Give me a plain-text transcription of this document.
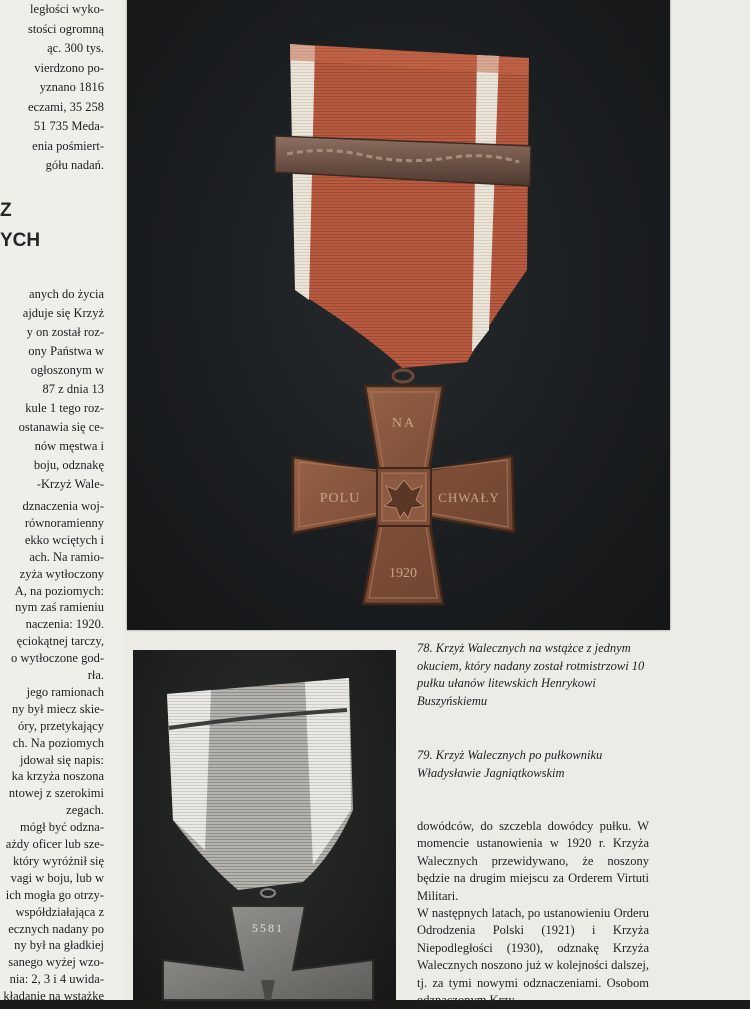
ległości wyko-
stości ogromną
ąc. 300 tys.
vierdzono po-
yznano 1816
eczami, 35 258
51 735 Meda-
enia pośmiert-
gółu nadań.
Z
YCH
anych do życia
ajduje się Krzyż
y on został roz-
ony Państwa w
ogłoszonym w
87 z dnia 13
kule 1 tego roz-
ostanawia się ce-
nów męstwa i
boju, odznakę
-Krzyż Wale-
dznaczenia woj-
równoramienny
ekko wciętych i
ach. Na ramio-
zyża wytłoczony
A, na poziomych:
nym zaś ramieniu
naczenia: 1920.
ęciokątnej tarczy,
o wytłoczone god-
rła.
jego ramionach
ny był miecz skie-
óry, przetykający
ch. Na poziomych
jdował się napis:
ka krzyża noszona
ntowej z szerokimi
zegach.
mógł być odzna-
ażdy oficer lub sze-
który wyróżnił się
vagi w boju, lub w
ich mogła go otrzy-
współdziałająca z
ecznych nadany po
ny był na gładkiej
sanego wyżej wzo-
nia: 2, 3 i 4 uwida-
kładanie na wstążkę
NA
POLU	CHWAŁY
1920
78. Krzyż Walecznych na wstążce z jednym okuciem, który nadany został rotmistrzowi 10 pułku ułanów litewskich Henrykowi Buszyńskiemu
5581
79. Krzyż Walecznych po pułkowniku Władysławie Jagniątkowskim

dowódców, do szczebla dowódcy pułku. W momencie ustanowienia w 1920 r. Krzyża Walecznych przewidywano, że noszony będzie na drugim miejscu za Orderem Virtuti Militari.

W następnych latach, po ustanowieniu Orderu Odrodzenia Polski (1921) i Krzyża Niepodległości (1930), odznakę Krzyża Walecznych noszono już w kolejności dalszej, tj. za tymi nowymi odznaczeniami. Osobom odznaczonym Krzy-
